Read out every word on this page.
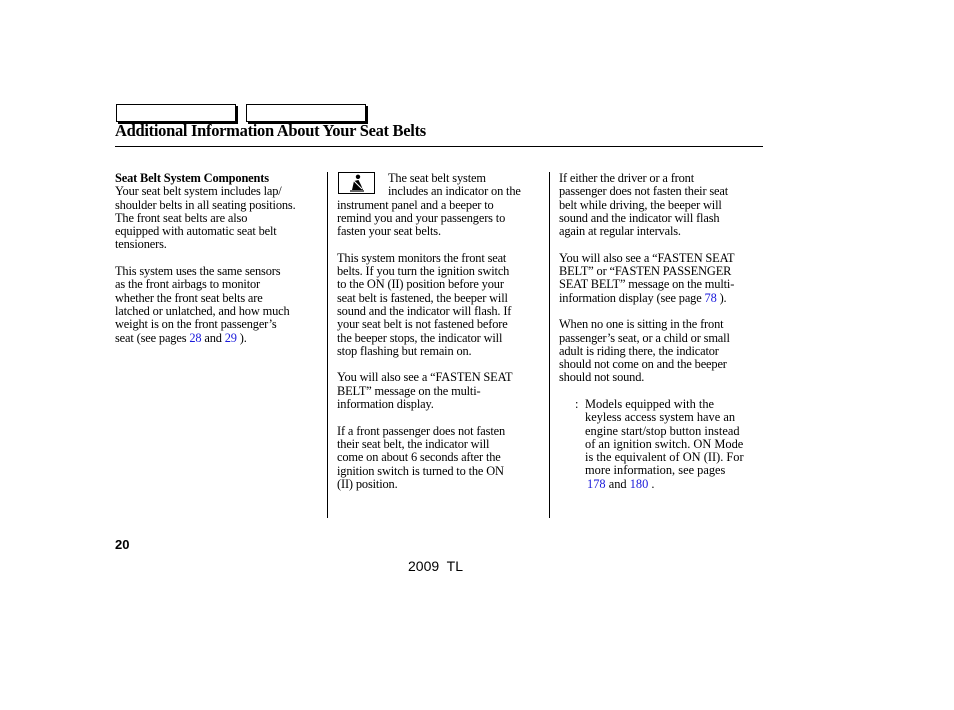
Additional Information About Your Seat Belts

Seat Belt System Components
Your seat belt system includes lap/
shoulder belts in all seating positions.
The front seat belts are also
equipped with automatic seat belt
tensioners.

This system uses the same sensors
as the front airbags to monitor
whether the front seat belts are
latched or unlatched, and how much
weight is on the front passenger’s
seat (see pages 28 and 29 ).

The seat belt system
includes an indicator on the
instrument panel and a beeper to
remind you and your passengers to
fasten your seat belts.

This system monitors the front seat
belts. If you turn the ignition switch
to the ON (II) position before your
seat belt is fastened, the beeper will
sound and the indicator will flash. If
your seat belt is not fastened before
the beeper stops, the indicator will
stop flashing but remain on.

You will also see a “FASTEN SEAT
BELT” message on the multi-
information display.

If a front passenger does not fasten
their seat belt, the indicator will
come on about 6 seconds after the
ignition switch is turned to the ON
(II) position.

If either the driver or a front
passenger does not fasten their seat
belt while driving, the beeper will
sound and the indicator will flash
again at regular intervals.

You will also see a “FASTEN SEAT
BELT” or “FASTEN PASSENGER
SEAT BELT” message on the multi-
information display (see page 78 ).

When no one is sitting in the front
passenger’s seat, or a child or small
adult is riding there, the indicator
should not come on and the beeper
should not sound.

: Models equipped with the
keyless access system have an
engine start/stop button instead
of an ignition switch. ON Mode
is the equivalent of ON (II). For
more information, see pages
178 and 180 .
20
2009  TL
